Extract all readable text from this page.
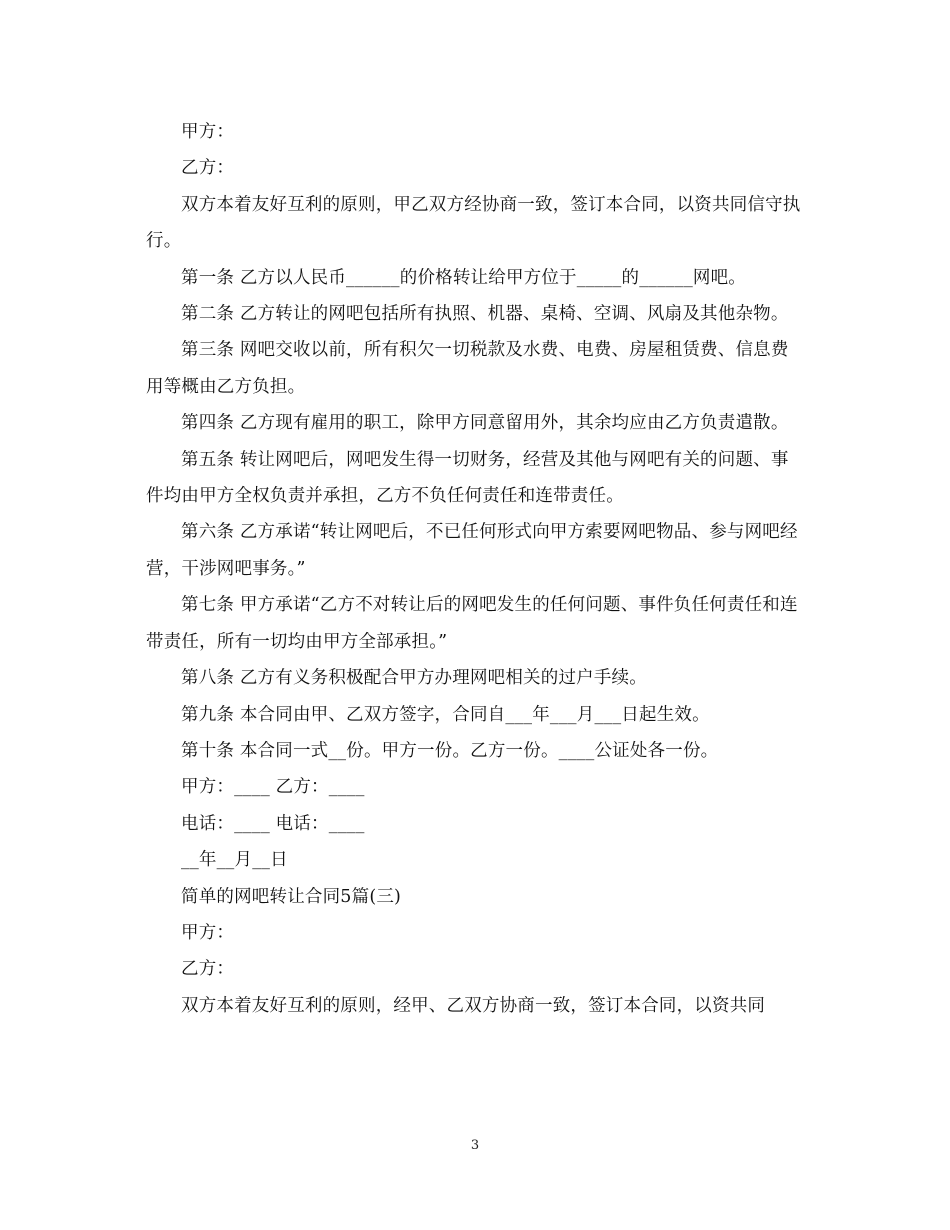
甲方：

乙方：

双方本着友好互利的原则，甲乙双方经协商一致，签订本合同，以资共同信守执行。

第一条 乙方以人民币______的价格转让给甲方位于_____的______网吧。

第二条 乙方转让的网吧包括所有执照、机器、桌椅、空调、风扇及其他杂物。

第三条 网吧交收以前，所有积欠一切税款及水费、电费、房屋租赁费、信息费用等概由乙方负担。

第四条 乙方现有雇用的职工，除甲方同意留用外，其余均应由乙方负责遣散。

第五条 转让网吧后，网吧发生得一切财务，经营及其他与网吧有关的问题、事件均由甲方全权负责并承担，乙方不负任何责任和连带责任。

第六条 乙方承诺“转让网吧后，不已任何形式向甲方索要网吧物品、参与网吧经营，干涉网吧事务。”

第七条 甲方承诺“乙方不对转让后的网吧发生的任何问题、事件负任何责任和连带责任，所有一切均由甲方全部承担。”

第八条 乙方有义务积极配合甲方办理网吧相关的过户手续。

第九条 本合同由甲、乙双方签字，合同自___年___月___日起生效。

第十条 本合同一式__份。甲方一份。乙方一份。____公证处各一份。

甲方：____ 乙方：____

电话：____ 电话：____

__年__月__日

简单的网吧转让合同5篇(三)

甲方：

乙方：

双方本着友好互利的原则，经甲、乙双方协商一致，签订本合同，以资共同

3
